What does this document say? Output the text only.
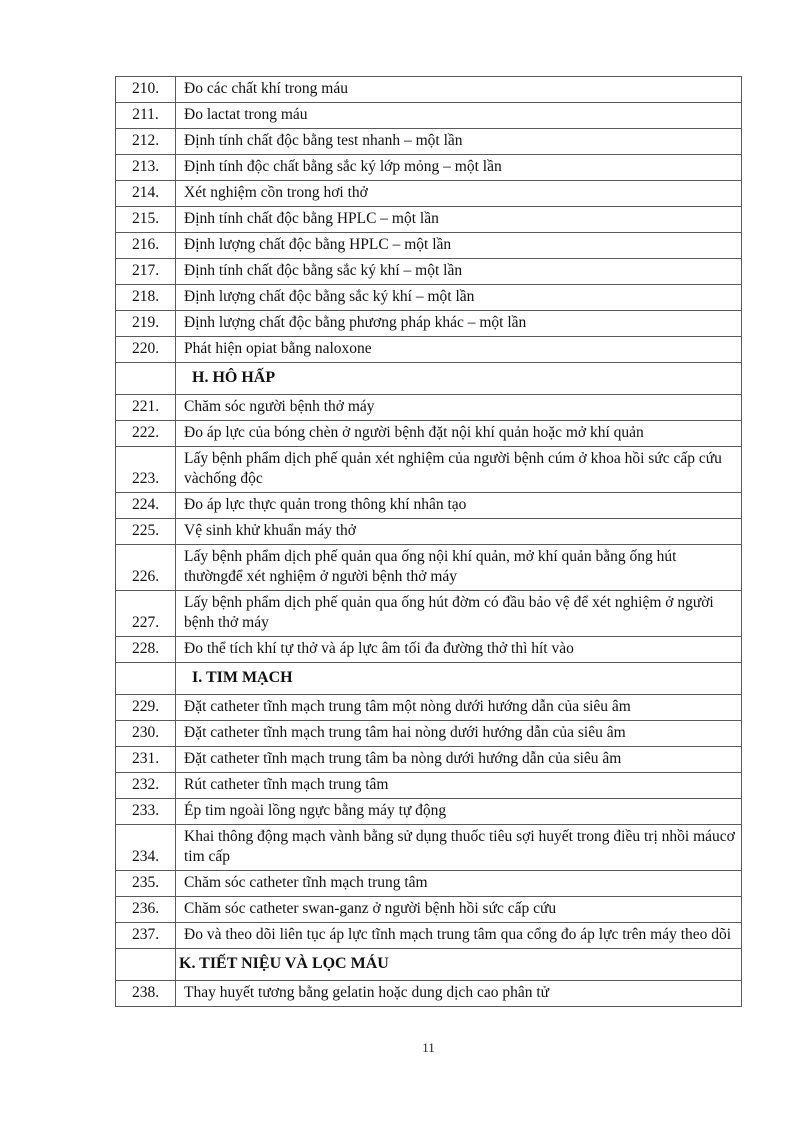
210.	Đo các chất khí trong máu
211.	Đo lactat trong máu
212.	Định tính chất độc bằng test nhanh – một lần
213.	Định tính độc chất bằng sắc ký lớp mỏng – một lần
214.	Xét nghiệm cồn trong hơi thở
215.	Định tính chất độc bằng HPLC – một lần
216.	Định lượng chất độc bằng HPLC – một lần
217.	Định tính chất độc bằng sắc ký khí – một lần
218.	Định lượng chất độc bằng sắc ký khí – một lần
219.	Định lượng chất độc bằng phương pháp khác – một lần
220.	Phát hiện opiat bằng naloxone
	H. HÔ HẤP
221.	Chăm sóc người bệnh thở máy
222.	Đo áp lực của bóng chèn ở người bệnh đặt nội khí quản hoặc mở khí quản
223.	Lấy bệnh phẩm dịch phế quản xét nghiệm của người bệnh cúm ở khoa hồi sức cấp cứu vàchống độc
224.	Đo áp lực thực quản trong thông khí nhân tạo
225.	Vệ sinh khử khuẩn máy thở
226.	Lấy bệnh phẩm dịch phế quản qua ống nội khí quản, mở khí quản bằng ống hút thườngđể xét nghiệm ở người bệnh thở máy
227.	Lấy bệnh phẩm dịch phế quản qua ống hút đờm có đầu bảo vệ để xét nghiệm ở người bệnh thở máy
228.	Đo thể tích khí tự thở và áp lực âm tối đa đường thở thì hít vào
	I. TIM MẠCH
229.	Đặt catheter tĩnh mạch trung tâm một nòng dưới hướng dẫn của siêu âm
230.	Đặt catheter tĩnh mạch trung tâm hai nòng dưới hướng dẫn của siêu âm
231.	Đặt catheter tĩnh mạch trung tâm ba nòng dưới hướng dẫn của siêu âm
232.	Rút catheter tĩnh mạch trung tâm
233.	Ép tim ngoài lồng ngực bằng máy tự động
234.	Khai thông động mạch vành bằng sử dụng thuốc tiêu sợi huyết trong điều trị nhồi máucơ tim cấp
235.	Chăm sóc catheter tĩnh mạch trung tâm
236.	Chăm sóc catheter swan-ganz ở người bệnh hồi sức cấp cứu
237.	Đo và theo dõi liên tục áp lực tĩnh mạch trung tâm qua cổng đo áp lực trên máy theo dõi
	K. TIẾT NIỆU VÀ LỌC MÁU
238.	Thay huyết tương bằng gelatin hoặc dung dịch cao phân tử
11
